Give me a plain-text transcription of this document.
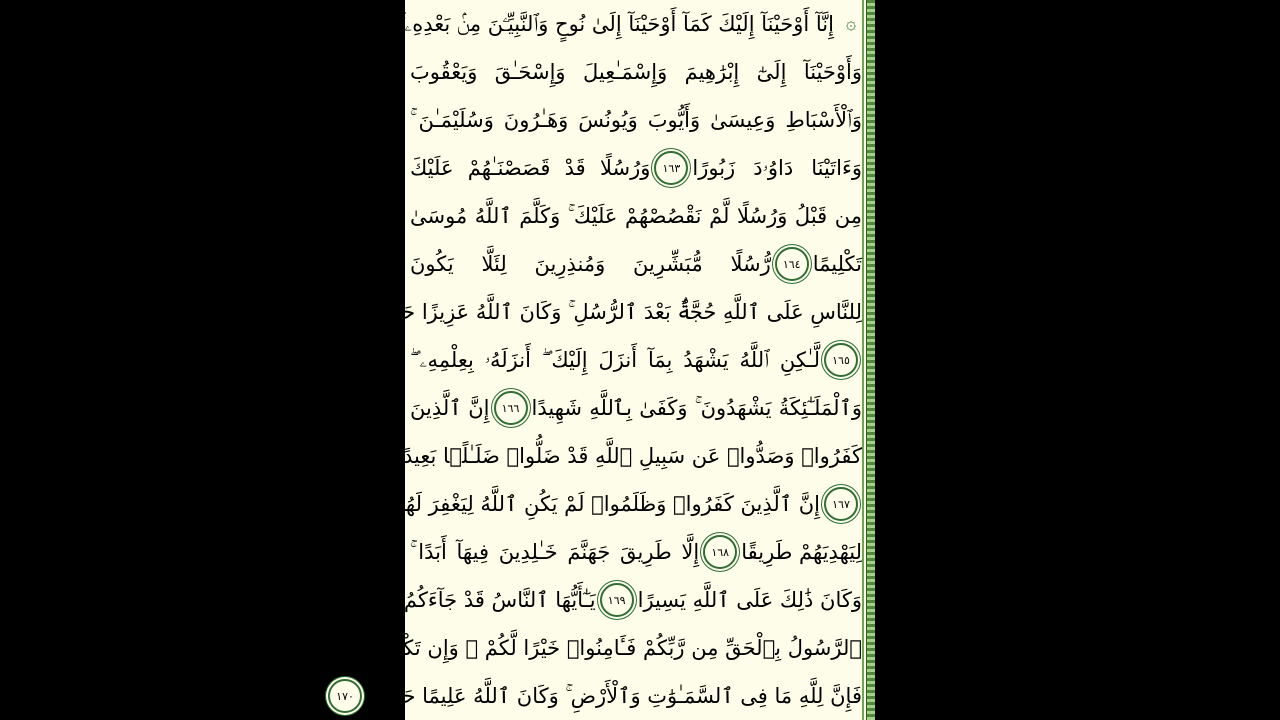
۞
إِنَّآ أَوْحَيْنَآ إِلَيْكَ كَمَآ أَوْحَيْنَآ إِلَىٰ نُوحٍ وَٱلنَّبِيِّـۧنَ مِنۢ بَعْدِهِۦ ۚ
وَأَوْحَيْنَآ إِلَىٰٓ إِبْرَٰهِيمَ وَإِسْمَـٰعِيلَ وَإِسْحَـٰقَ وَيَعْقُوبَ
وَٱلْأَسْبَاطِ وَعِيسَىٰ وَأَيُّوبَ وَيُونُسَ وَهَـٰرُونَ وَسُلَيْمَـٰنَ ۚ
وَءَاتَيْنَا دَاوُۥدَ زَبُورًا
١٦٣
وَرُسُلًا قَدْ قَصَصْنَـٰهُمْ عَلَيْكَ
مِن قَبْلُ وَرُسُلًا لَّمْ نَقْصُصْهُمْ عَلَيْكَ ۚ وَكَلَّمَ ٱللَّهُ مُوسَىٰ
تَكْلِيمًا
١٦٤
رُّسُلًا مُّبَشِّرِينَ وَمُنذِرِينَ لِئَلَّا يَكُونَ
لِلنَّاسِ عَلَى ٱللَّهِ حُجَّةٌۢ بَعْدَ ٱلرُّسُلِ ۚ وَكَانَ ٱللَّهُ عَزِيزًا حَكِيمًا
١٦٥
لَّـٰكِنِ ٱللَّهُ يَشْهَدُ بِمَآ أَنزَلَ إِلَيْكَ ۖ أَنزَلَهُۥ بِعِلْمِهِۦ ۖ
وَٱلْمَلَـٰٓئِكَةُ يَشْهَدُونَ ۚ وَكَفَىٰ بِٱللَّهِ شَهِيدًا
١٦٦
إِنَّ ٱلَّذِينَ
كَفَرُوا۟ وَصَدُّوا۟ عَن سَبِيلِ ٱللَّهِ قَدْ ضَلُّوا۟ ضَلَـٰلًۢا بَعِيدًا
١٦٧
إِنَّ ٱلَّذِينَ كَفَرُوا۟ وَظَلَمُوا۟ لَمْ يَكُنِ ٱللَّهُ لِيَغْفِرَ لَهُمْ وَلَا
لِيَهْدِيَهُمْ طَرِيقًا
١٦٨
إِلَّا طَرِيقَ جَهَنَّمَ خَـٰلِدِينَ فِيهَآ أَبَدًا ۚ
وَكَانَ ذَٰلِكَ عَلَى ٱللَّهِ يَسِيرًا
١٦٩
يَـٰٓأَيُّهَا ٱلنَّاسُ قَدْ جَآءَكُمُ
ٱلرَّسُولُ بِٱلْحَقِّ مِن رَّبِّكُمْ فَـَٔامِنُوا۟ خَيْرًا لَّكُمْ ۚ وَإِن تَكْفُرُوا۟
فَإِنَّ لِلَّهِ مَا فِى ٱلسَّمَـٰوَٰتِ وَٱلْأَرْضِ ۚ وَكَانَ ٱللَّهُ عَلِيمًا حَكِيمًا
١٧٠
